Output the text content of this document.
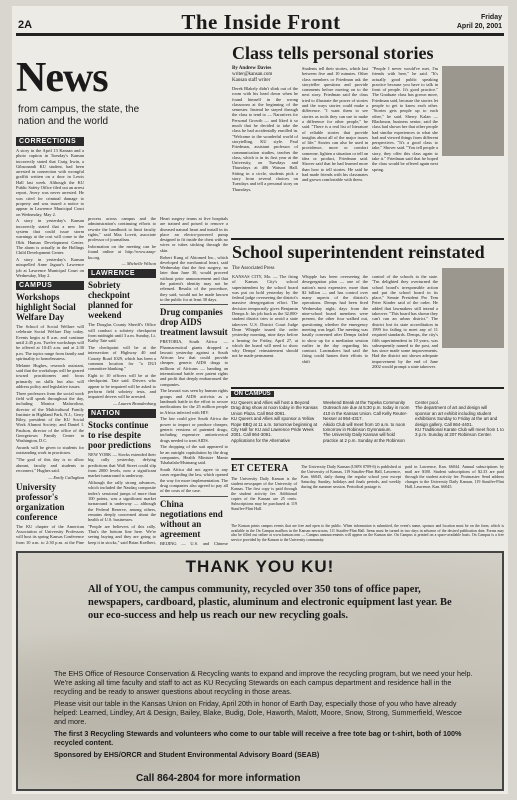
2A	The Inside Front	Friday
April 20, 2001
News
from campus, the state, the nation and the world
CORRECTIONS

A story in the April 13 Kansan and a photo caption in Tuesday's Kansan incorrectly stated that Craig Irwin, a Gibsonandi KU student, had been arrested in connection with wrongful graffiti written on a door in Lewis Hall last week. Although the KU Public Safety Office filed out an arrest report, Avery was never arrested. He was cited for criminal damage to property and was issued a notice to appear in Lawrence Municipal Court on Wednesday, May 2.

A story in yesterday's Kansan incorrectly stated that a new fee system that could issue storm warnings at the cost will come to the Olds Human Development Center. The alarm is actually in the Hollings Child Development Center.

A story in yesterday's Kansan misspelled Anne Jaguar's Lawrence job at Lawrence Municipal Court on Wednesday, May 2.

CAMPUS
Workshops highlight Social Welfare Day

The School of Social Welfare will celebrate Social Welfare Day today. Events begin at 8 a.m. and continue until 2:45 p.m. Twelve workshops will be offered at 10:45 a.m. and at 2:30 p.m. The topics range from family and spirituality to homelessness.

Melanie Hughes, research assistant, said that the workshops will be geared toward practitioners and focus primarily on skills but also will address policy and legislative issues.

Three professors from the social work field will speak throughout the day, including Monica Malavolino, director of the Multicultural Family Institute in Highland Park, N.J.; Gerry Riley, president of the KU Social Work Alumni Society; and Daniel I. Paulson, director of the office of the Georgetown Family Center in Washington, D.C.

Awards will be given to students for outstanding work in practicum.

"The goal of this day is to allow alumni, faculty and students to reconnect," Hughes said.

— Emily Callaghan
University professor's organization conference

The KU chapter of the American Association of University Professors will host its spring Kansas Conference from 10 a.m. to 2:30 p.m. at the Pine

process across campus and the administration's continuing efforts to rewrite the handbook to limit faculty rights," said Max Lovett, associate professor of journalism.

Information on the meeting can be found online at http://www.aaup-ku.org.

— Michelle Wilson
LAWRENCE
Sobriety checkpoint planned for weekend

The Douglas County Sheriff's Office will conduct a sobriety checkpoint from midnight until 3 a.m. Sunday, Lt. Kathy Tate said.

The checkpoint will be at the intersection of Highway 40 and County Road 1029, which has been a common location for "a DUI committee blanking."

Eight to 10 officers will be at the checkpoint. Tate said. Drivers who appear to be impaired will be asked to perform field sobriety tests, and impaired drivers will be arrested.

— Lauren Brandenburg
NATION
Stocks continue to rise despite poor predictions

NEW YORK — Stocks extended their big rally yesterday, defying predictions that Wall Street could slip from 2000 levels, now a significant market turnaround is underway.

Although the rally strong advances, which included the Nasdaq composite index's sessional jumps of more than 100 points, was a significant market turnaround is underway — although the Federal Reserve, among others, remains deeply concerned about the health of U.S. businesses.

"People are believers of this rally. That's the bottom line here. We're seeing buying and they are going to keep it in stocks," said Brian Koelbert,

Heart surgery teams at five hospitals are trained and poised to remove a diseased natural heart and install in its place an electro-powered pump designed to fit inside the chest with no wires or tubes sticking through the skin.

Robert Kung of Abiomed Inc., which developed the mechanical heart, said Wednesday that the first surgery, no later than June 30, would proceed without prior announcement and that the patient's identity may not be released. Results of the procedure, they said, would not be made known to the public for at least 30 days.

Drug companies drop AIDS treatment lawsuit

PRETORIA, South Africa — Pharmaceutical giants dropped a lawsuit yesterday against a South African law that could provide cheaper, generic AIDS drugs to millions of Africans — handing an international battle over patent rights and profit that deeply embarrassed the companies.

The lawsuit was seen by human rights groups and AIDS activists as a landmark battle in the effort to secure medications for the 25 million people in Africa infected with HIV.

The law could give South Africa the power to import or produce cheaper, generic versions of patented drugs, including expensive antiretroviral drugs needed to treat AIDS.

The dropping of the suit appeared to be an outright capitulation by the drug companies, Health Minister Manto Tshabalala-Msimang said.

South Africa did not agree to any cases regarding the law, which opened the way for more implementation. The drug companies also agreed to pay all of the costs of the case.

China negotiations end without an agreement

BEIJING — U.S. and Chinese

Class tells personal stories
By Andrew Davies
writer@kansan.com
Kansan staff writer

Derek Blakely didn't slink out of the room with his head down when he found himself in the wrong classroom at the beginning of the semester. Instead he stayed through the class to tend to — Narratives for Personal Growth — and liked it so much that he decided to take the class he had accidentally enrolled in. "Welcome to the wonderful world of storytelling, KU style. Paul Friedman, assistant professor of communication studies, teaches the class, which is in its first year at the University, on Tuesdays and Thursdays at 406 Watson Hall. Sitting in a circle, students pick a story from several choices on Tuesdays and tell a personal story on Thursdays.

Students tell their stories, which last between five and 10 minutes. Other class members or Friedman ask the storyteller questions and provide comments before moving on to the next story. Friedman said the class tried to illustrate the power of stories and the ways stories could make a difference. "I want them to see stories as tools they can use to make a difference for other people," he said. "There is a real list of literature of reliable stories that provide insights about all of the major issues of life." Stories can also be used in providence, more or comfort someone, lighten a situation or tell an idea or product, Friedman said. Shover said that he had learned more than how to tell stories. He said he had made friends with his classmates and grown comfortable with them.

"People I never would've met, I'm friends with here," he said. "It's actually good public speaking practice because you have to talk in front of people. It's good practice." The Graduate class has grown more, Friedman said, because the stories let people to get to know each other. "Stories gets people up to each other," he said. Sherry Kalan — Blackmon, business senior, said the class had shown her that other people had similar experiences to what she had and viewed things from different perspectives. "It's a good class to take," Shover said. "You tell people a story, they offer this class again to take it." Friedman said that he hoped the class would be offered again next spring.

School superintendent reinstated
The Associated Press

KANSAS CITY, Mo. — The firing of Kansas City's school superintendent by the school board was put on hold yesterday by the federal judge overseeing the district's massive desegregation effort. The decision temporarily gives Benjamin Demps Jr. his job back as the 32,000-student district tries to avoid a state takeover. U.S. District Court Judge Dean Whipple issued the order yesterday morning, nine days before a hearing for Friday, April 27, at which the board will need to show why Demps' reinstatement should not be made permanent.

Whipple has been overseeing the desegregation plan — one of the nation's most expensive, more than $2 billion — and has control over many aspects of the district's operations. Demps had been fired Wednesday night, days from the nine-school board members were present, the other four walked out, questioning whether the emergency meeting was legal. The meeting was hastily convened after Demps failed to show up for a mediation session earlier in the day regarding his contract. Lawmakers had said the firing could hasten their efforts to shift

control of the schools to the state. "I'm delighted they overturned the school board's irresponsible action and put the school board in its place," Senate President Pro Tem Peter Kinder said of the order. He added that lawmakers still intend a takeover. "This board has shown they can't run an urban district." The district lost its state accreditation in 1999 for failing to meet any of 11 required standards. Demps, the city's fifth superintendent in 10 years, was subsequently named to the post, and has since made some improvements. Had the district not shown adequate improvement by the end of June 2002 would prompt a state takeover.

ON CAMPUS
KU Queers and Allies will host a Beyond Drag drag show at noon today in the Kansas Union Plaza. Call 864-3091.
KU Queers and Allies will sponsor a Yellow Rope BBQ at 11 a.m. tomorrow beginning at City Hall for KU and Lawrence Pride Week 2001. Call 864-3091.
Applications for the Alternative
Weekend Break at the Topeka Community Outreach are due at 5:30 p.m. today in room 410 in the Kansas Union. Call Kelly Reuter-Nesser at 864-4317.
Aikido Club will meet from 10 a.m. to noon tomorrow in Robinson Gymnasium.
The University Daily Kansan will hold practice at 2 p.m. Sunday at the Robinson
Center pool.
The department of art and design will sponsor an art exhibit including student exhibitions Sunday to Friday at the art and design gallery. Call 864-4401.
KU Traditional Karate Club will meet from 1 to 3 p.m. Sunday at 207 Robinson Center.
ET CETERA

The University Daily Kansan is the student newspaper of the University of Kansas. The first copy is paid through the student activity fee. Additional copies of the Kansan are 25 cents. Subscriptions may be purchased at 119 Stauffer-Flint Hall.

The University Daily Kansan (USPS 0709-6) is published at the University of Kansas, 119 Stauffer-Flint Hall, Lawrence, Kan. 66045, daily during the regular school year except Saturday, Sunday, holidays and finals periods, and weekly during the summer session. Periodical postage is

paid in Lawrence, Kan. 66044. Annual subscriptions by mail are $100. Student subscriptions of $2.33 are paid through the student activity fee. Postmaster: Send address changes to the University Daily Kansan, 119 Stauffer-Flint Hall, Lawrence, Kan. 66045.

The Kansan prints campus events that are free and open to the public. When information is submitted, the event's name, sponsor and location must be on the form, which is available in the On Campus mailbox in the Kansan newsroom, 111 Stauffer-Flint Hall. Items must be turned in two days in advance of the desired publication date. Forms may also be filled out online at www.kansan.com — Campus announcements will appear on the Kansan site. On Campus is printed on a space-available basis. On Campus is a free service provided by the Kansan to the University community.
THANK YOU KU!
All of YOU, the campus community, recycled over 350 tons of office paper, newspapers, cardboard, plastic, aluminum and electronic equipment last year. Be our eco-success and help us reach our new recycling goals.

The EHS Office of Resource Conservation & Recycling wants to expand and improve the recycling program, but we need your help. We're asking all time faculty and staff to act as KU Recycling Stewards on each campus department and residence hall in the recycling and be ready to answer questions about recycling in those areas.

Please visit our table in the Kansas Union on Friday, April 20th in honor of Earth Day, especially those of you who have already helped: Learned, Lindley, Art & Design, Bailey, Blake, Budig, Dole, Haworth, Malott, Moore, Snow, Strong, Summerfield, Wescoe and more.

The first 3 Recycling Stewards and volunteers who come to our table will receive a free tote bag or t-shirt, both of 100% recycled content.

Sponsored by EHS/ORCR and Student Environmental Advisory Board (SEAB)

Call 864-2804 for more information
